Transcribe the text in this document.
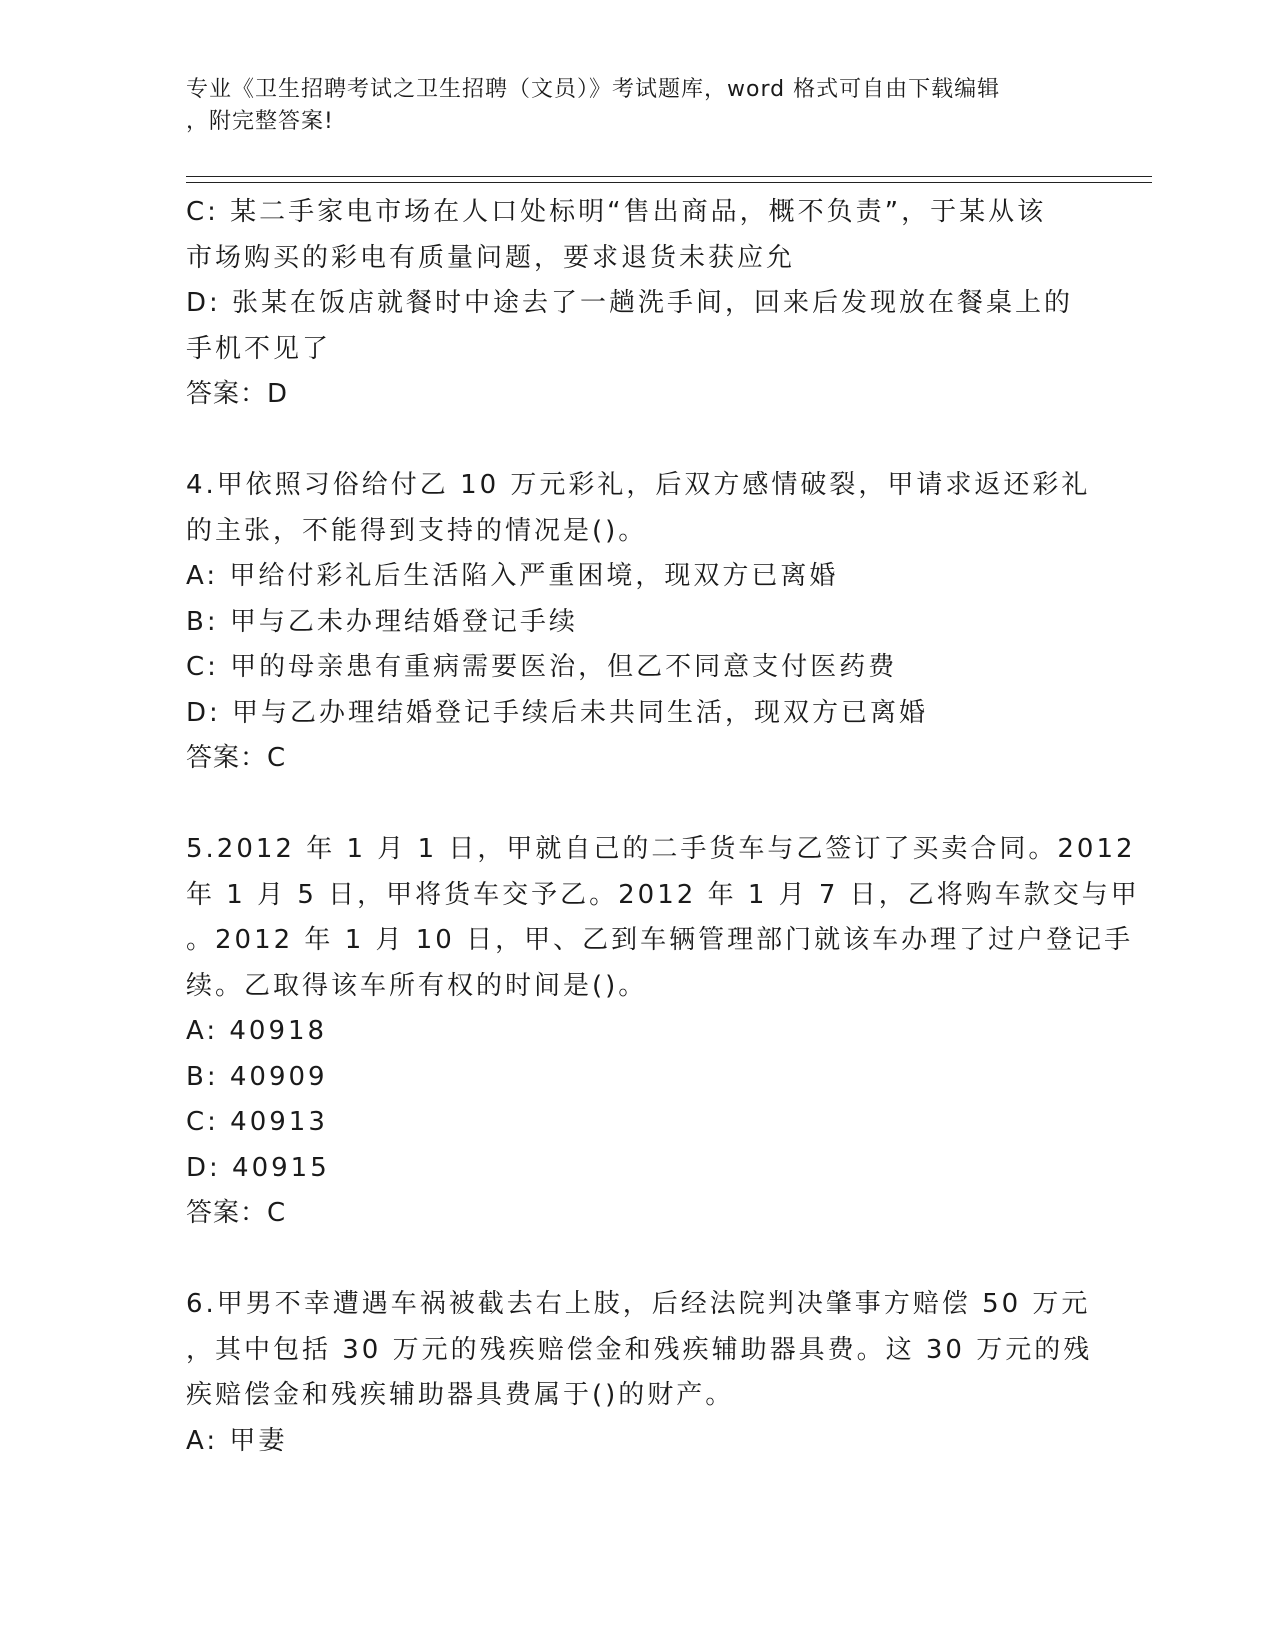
专业《卫生招聘考试之卫生招聘（文员）》考试题库，word 格式可自由下载编辑
，附完整答案!
C: 某二手家电市场在人口处标明“售出商品，概不负责”，于某从该
市场购买的彩电有质量问题，要求退货未获应允
D: 张某在饭店就餐时中途去了一趟洗手间，回来后发现放在餐桌上的
手机不见了
答案：D
4.甲依照习俗给付乙 10 万元彩礼，后双方感情破裂，甲请求返还彩礼
的主张，不能得到支持的情况是()。
A: 甲给付彩礼后生活陷入严重困境，现双方已离婚
B: 甲与乙未办理结婚登记手续
C: 甲的母亲患有重病需要医治，但乙不同意支付医药费
D: 甲与乙办理结婚登记手续后未共同生活，现双方已离婚
答案：C
5.2012 年 1 月 1 日，甲就自己的二手货车与乙签订了买卖合同。2012
年 1 月 5 日，甲将货车交予乙。2012 年 1 月 7 日，乙将购车款交与甲
。2012 年 1 月 10 日，甲、乙到车辆管理部门就该车办理了过户登记手
续。乙取得该车所有权的时间是()。
A: 40918
B: 40909
C: 40913
D: 40915
答案：C
6.甲男不幸遭遇车祸被截去右上肢，后经法院判决肇事方赔偿 50 万元
，其中包括 30 万元的残疾赔偿金和残疾辅助器具费。这 30 万元的残
疾赔偿金和残疾辅助器具费属于()的财产。
A: 甲妻
